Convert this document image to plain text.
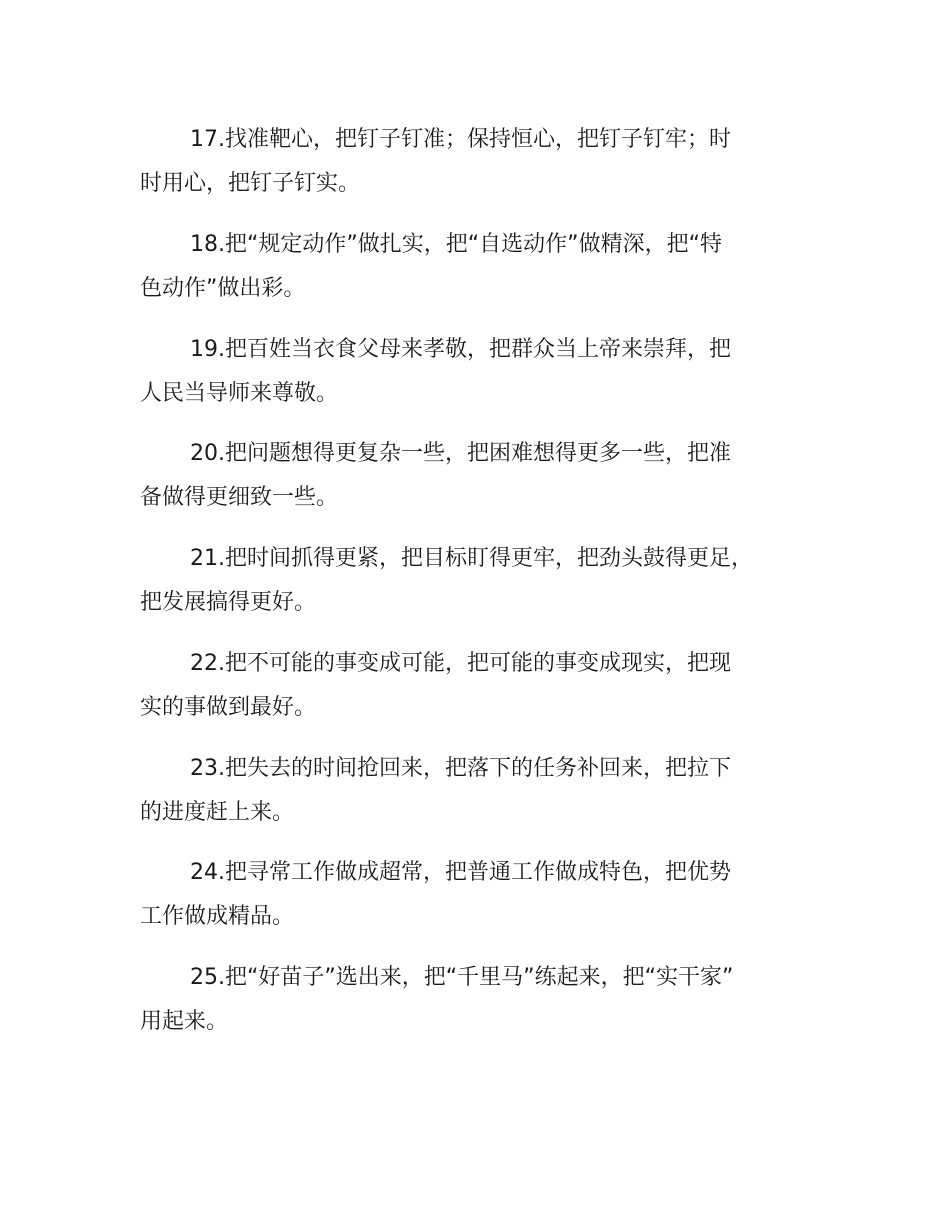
17.找准靶心，把钉子钉准；保持恒心，把钉子钉牢；时
时用心，把钉子钉实。
18.把“规定动作”做扎实，把“自选动作”做精深，把“特
色动作”做出彩。
19.把百姓当衣食父母来孝敬，把群众当上帝来崇拜，把
人民当导师来尊敬。
20.把问题想得更复杂一些，把困难想得更多一些，把准
备做得更细致一些。
21.把时间抓得更紧，把目标盯得更牢，把劲头鼓得更足，
把发展搞得更好。
22.把不可能的事变成可能，把可能的事变成现实，把现
实的事做到最好。
23.把失去的时间抢回来，把落下的任务补回来，把拉下
的进度赶上来。
24.把寻常工作做成超常，把普通工作做成特色，把优势
工作做成精品。
25.把“好苗子”选出来，把“千里马”练起来，把“实干家”
用起来。
